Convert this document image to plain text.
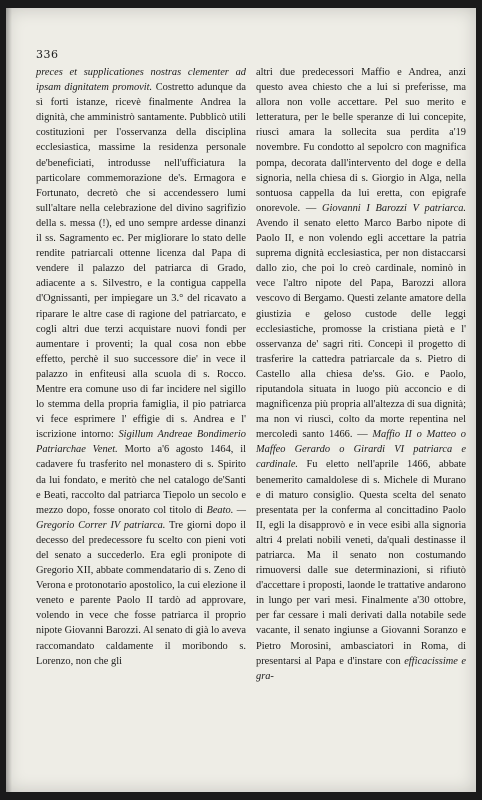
336

preces et supplicationes nostras clementer ad ipsam dignitatem promovit. Costretto adunque da sì forti istanze, ricevè finalmente Andrea la dignità, che amministrò santamente. Pubblicò utili costituzioni per l'osservanza della disciplina ecclesiastica, massime la residenza personale de'beneficiati, introdusse nell'ufficiatura la particolare commemorazione de's. Ermagora e Fortunato, decretò che si accendessero lumi sull'altare nella celebrazione del divino sagrifizio della s. messa (!), ed uno sempre ardesse dinanzi il ss. Sagramento ec. Per migliorare lo stato delle rendite patriarcali ottenne licenza dal Papa di vendere il palazzo del patriarca di Grado, adiacente a s. Silvestro, e la contigua cappella d'Ognissanti, per impiegare un 3.° del ricavato a riparare le altre case di ragione del patriarcato, e cogli altri due terzi acquistare nuovi fondi per aumentare i proventi; la qual cosa non ebbe effetto, perchè il suo successore die' in vece il palazzo in enfiteusi alla scuola di s. Rocco. Mentre era comune uso di far incidere nel sigillo lo stemma della propria famiglia, il pio patriarca vi fece esprimere l' effigie di s. Andrea e l' iscrizione intorno: Sigillum Andreae Bondimerio Patriarchae Venet. Morto a'6 agosto 1464, il cadavere fu trasferito nel monastero di s. Spirito da lui fondato, e meritò che nel catalogo de'Santi e Beati, raccolto dal patriarca Tiepolo un secolo e mezzo dopo, fosse onorato col titolo di Beato. — Gregorio Correr IV patriarca. Tre giorni dopo il decesso del predecessore fu scelto con pieni voti del senato a succederlo. Era egli pronipote di Gregorio XII, abbate commendatario di s. Zeno di Verona e protonotario apostolico, la cui elezione il veneto e parente Paolo II tardò ad approvare, volendo in vece che fosse patriarca il proprio nipote Giovanni Barozzi. Al senato di già lo aveva raccomandato caldamente il moribondo s. Lorenzo, non che gli

altri due predecessori Maffio e Andrea, anzi questo avea chiesto che a lui si preferisse, ma allora non volle accettare. Pel suo merito e letteratura, per le belle speranze di lui concepite, riuscì amara la sollecita sua perdita a'19 novembre. Fu condotto al sepolcro con magnifica pompa, decorata dall'intervento del doge e della signoria, nella chiesa di s. Giorgio in Alga, nella sontuosa cappella da lui eretta, con epigrafe onorevole. — Giovanni I Barozzi V patriarca. Avendo il senato eletto Marco Barbo nipote di Paolo II, e non volendo egli accettare la patria suprema dignità ecclesiastica, per non distaccarsi dallo zio, che poi lo creò cardinale, nominò in vece l'altro nipote del Papa, Barozzi allora vescovo di Bergamo. Questi zelante amatore della giustizia e geloso custode delle leggi ecclesiastiche, promosse la cristiana pietà e l' osservanza de' sagri riti. Concepì il progetto di trasferire la cattedra patriarcale da s. Pietro di Castello alla chiesa de'ss. Gio. e Paolo, riputandola situata in luogo più acconcio e di magnificenza più propria all'altezza di sua dignità; ma non vi riuscì, colto da morte repentina nel mercoledì santo 1466. — Maffio II o Matteo o Maffeo Gerardo o Girardi VI patriarca e cardinale. Fu eletto nell'aprile 1466, abbate benemerito camaldolese di s. Michele di Murano e di maturo consiglio. Questa scelta del senato presentata per la conferma al concittadino Paolo II, egli la disapprovò e in vece esibì alla signoria altri 4 prelati nobili veneti, da'quali destinasse il patriarca. Ma il senato non costumando rimuoversi dalle sue determinazioni, si rifiutò d'accettare i proposti, laonde le trattative andarono in lungo per vari mesi. Finalmente a'30 ottobre, per far cessare i mali derivati dalla notabile sede vacante, il senato ingiunse a Giovanni Soranzo e Pietro Morosini, ambasciatori in Roma, di presentarsi al Papa e d'instare con efficacissime e gra-
